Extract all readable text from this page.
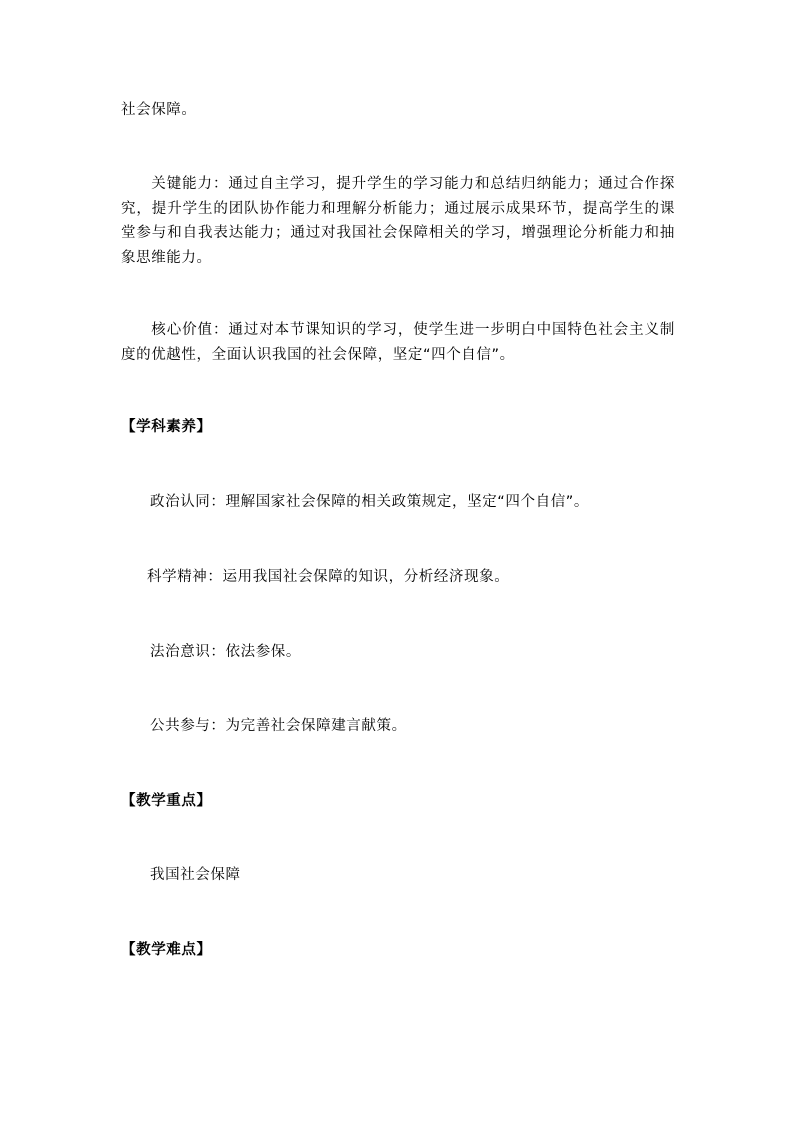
社会保障。
关键能力：通过自主学习，提升学生的学习能力和总结归纳能力；通过合作探究，提升学生的团队协作能力和理解分析能力；通过展示成果环节，提高学生的课堂参与和自我表达能力；通过对我国社会保障相关的学习，增强理论分析能力和抽象思维能力。
核心价值：通过对本节课知识的学习，使学生进一步明白中国特色社会主义制度的优越性，全面认识我国的社会保障，坚定“四个自信”。
【学科素养】
政治认同：理解国家社会保障的相关政策规定，坚定“四个自信”。
科学精神：运用我国社会保障的知识，分析经济现象。
法治意识：依法参保。
公共参与：为完善社会保障建言献策。
【教学重点】
我国社会保障
【教学难点】
